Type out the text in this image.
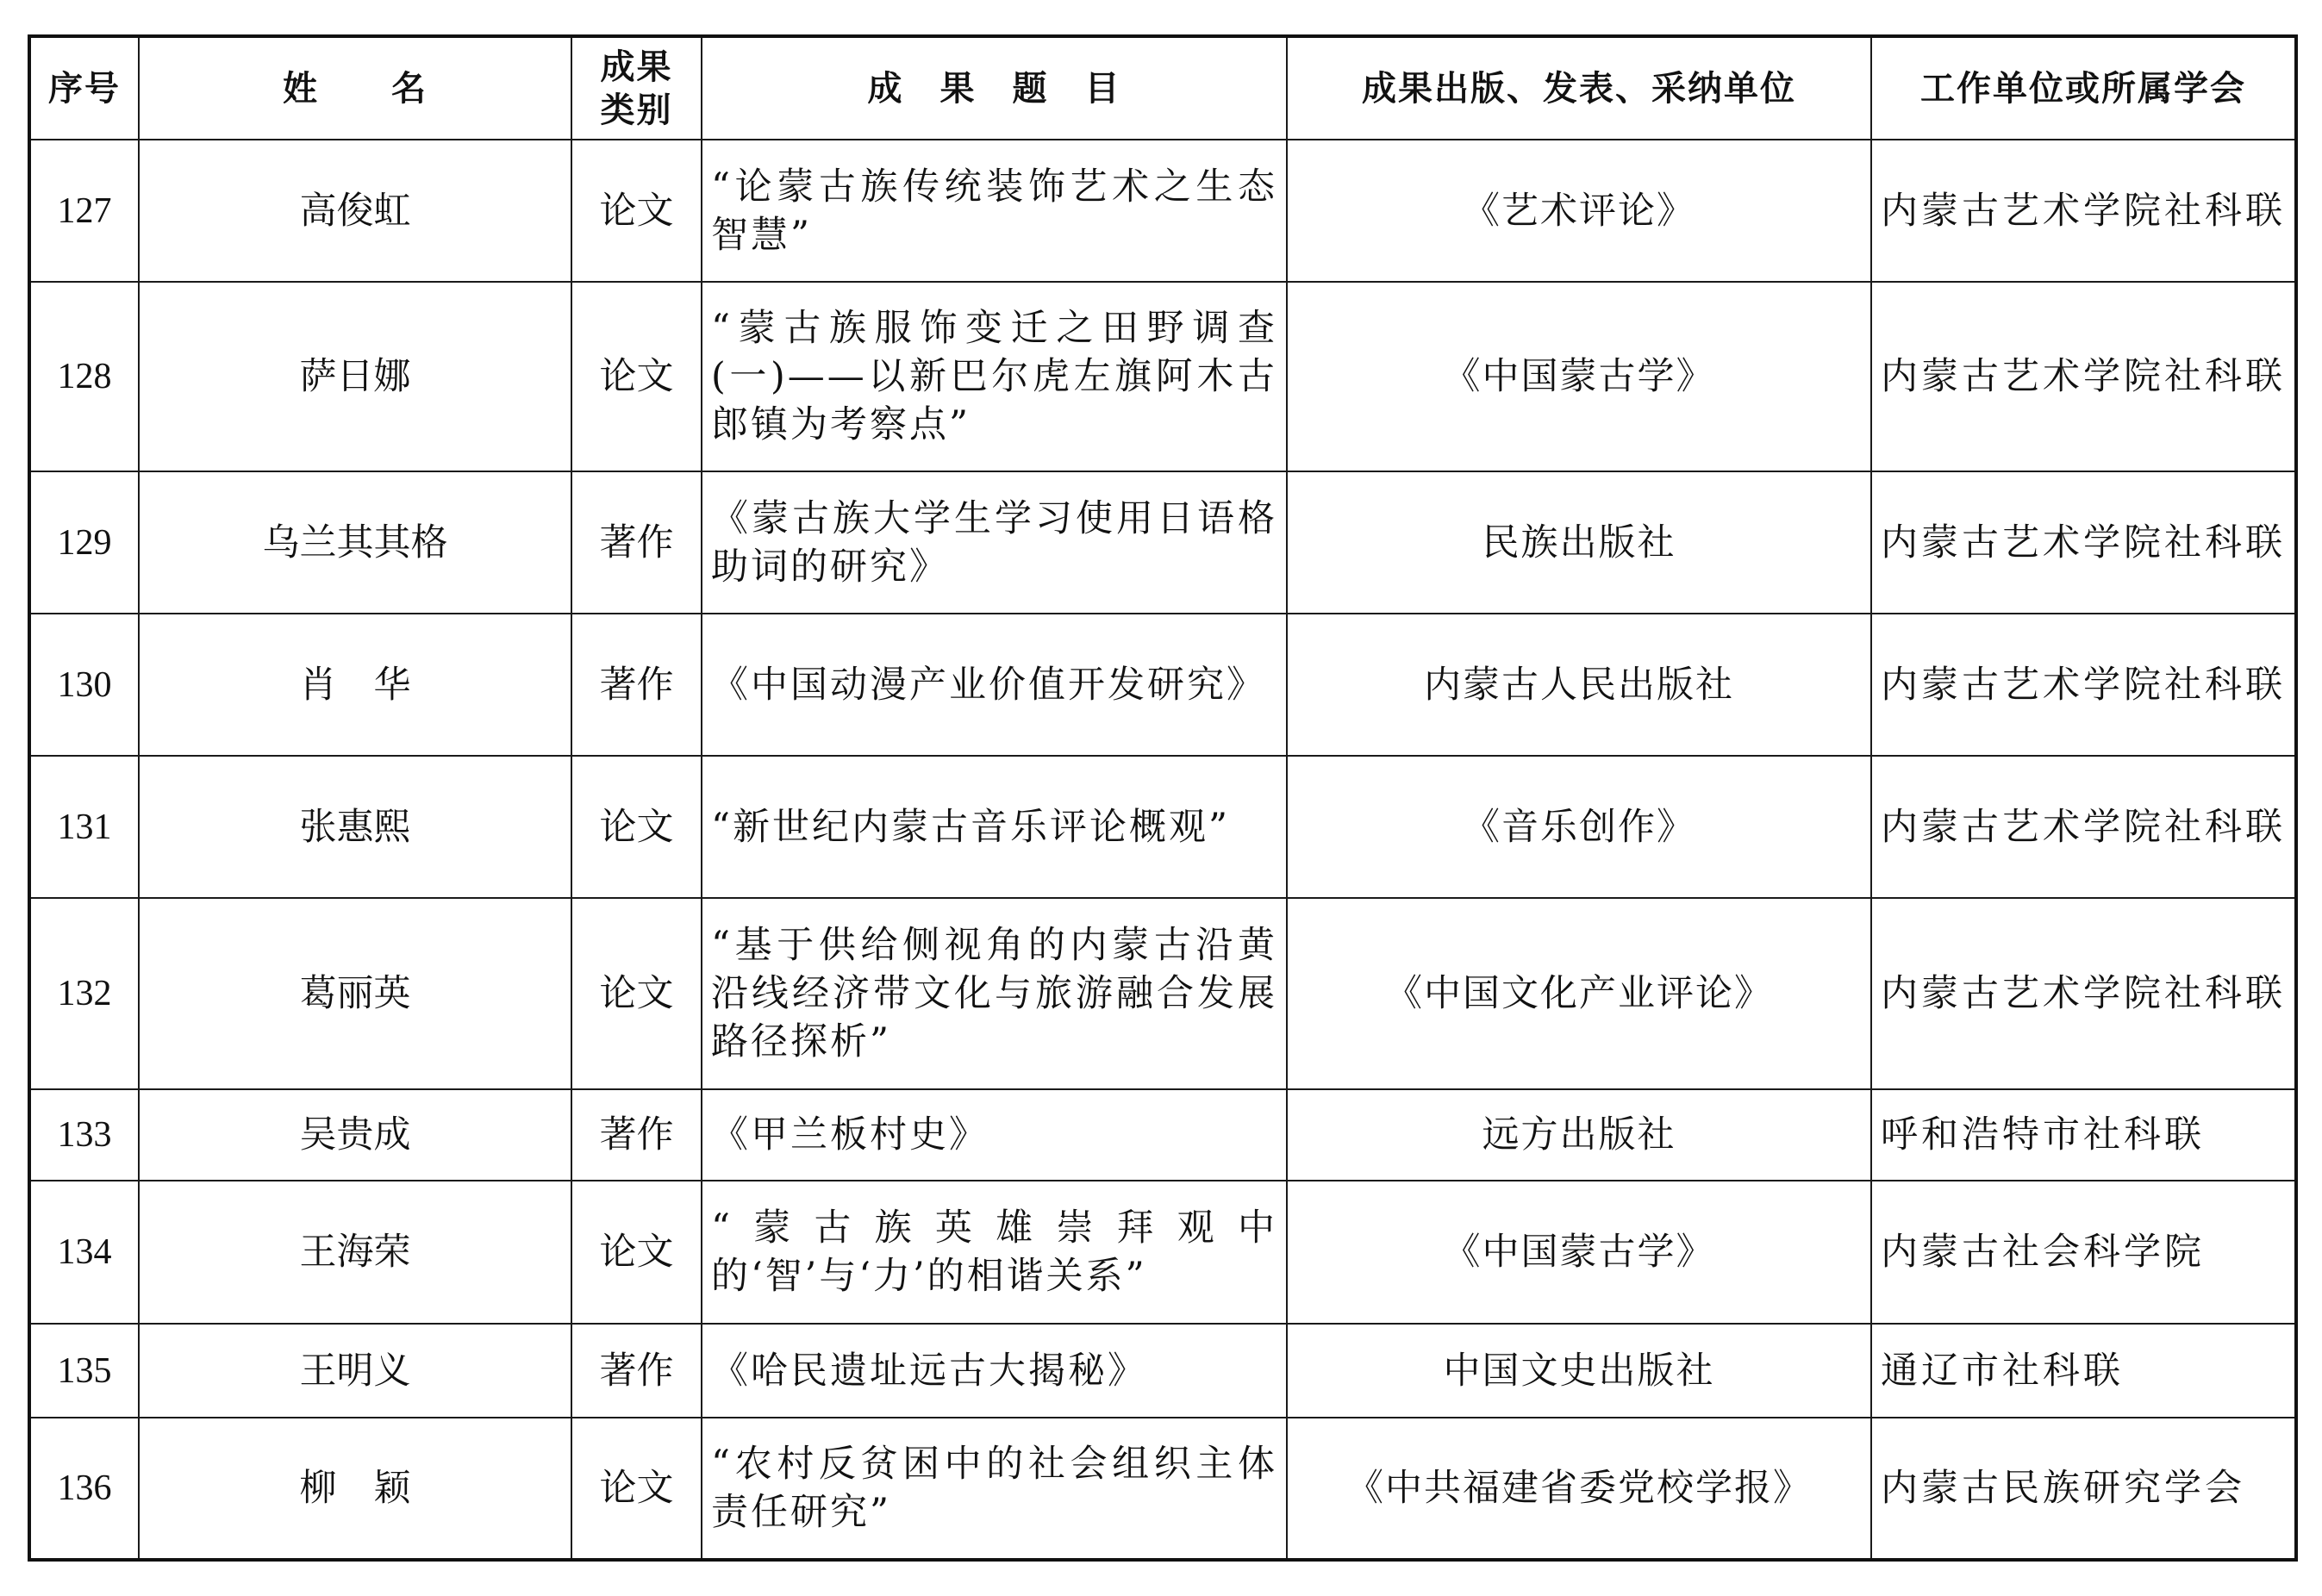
序号	姓　　名	成果类别	成　果　题　目	成果出版、发表、采纳单位	工作单位或所属学会
127	高俊虹	论文	“论蒙古族传统装饰艺术之生态智慧”	《艺术评论》	内蒙古艺术学院社科联
128	萨日娜	论文	“蒙古族服饰变迁之田野调查(一)——以新巴尔虎左旗阿木古郎镇为考察点”	《中国蒙古学》	内蒙古艺术学院社科联
129	乌兰其其格	著作	《蒙古族大学生学习使用日语格助词的研究》	民族出版社	内蒙古艺术学院社科联
130	肖　华	著作	《中国动漫产业价值开发研究》	内蒙古人民出版社	内蒙古艺术学院社科联
131	张惠熙	论文	“新世纪内蒙古音乐评论概观”	《音乐创作》	内蒙古艺术学院社科联
132	葛丽英	论文	“基于供给侧视角的内蒙古沿黄沿线经济带文化与旅游融合发展路径探析”	《中国文化产业评论》	内蒙古艺术学院社科联
133	吴贵成	著作	《甲兰板村史》	远方出版社	呼和浩特市社科联
134	王海荣	论文	“蒙古族英雄崇拜观中的‘智’与‘力’的相谐关系”	《中国蒙古学》	内蒙古社会科学院
135	王明义	著作	《哈民遗址远古大揭秘》	中国文史出版社	通辽市社科联
136	柳　颖	论文	“农村反贫困中的社会组织主体责任研究”	《中共福建省委党校学报》	内蒙古民族研究学会
